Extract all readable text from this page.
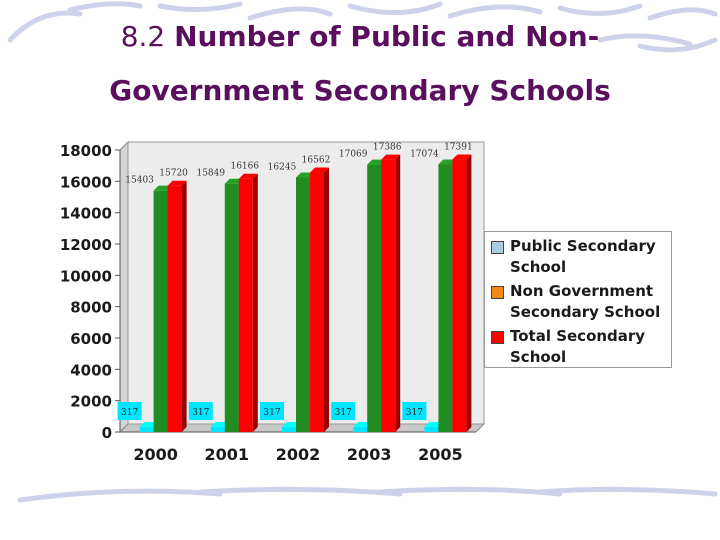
8.2 Number of Public and Non-
Government Secondary Schools
0
2000
4000
6000
8000
10000
12000
14000
16000
18000
15403
15720
317
2000
15849
16166
317
2001
16245
16562
317
2002
17069
17386
317
2003
17074
17391
317
2005
Public Secondary
School
Non Government
Secondary School
Total Secondary
School
